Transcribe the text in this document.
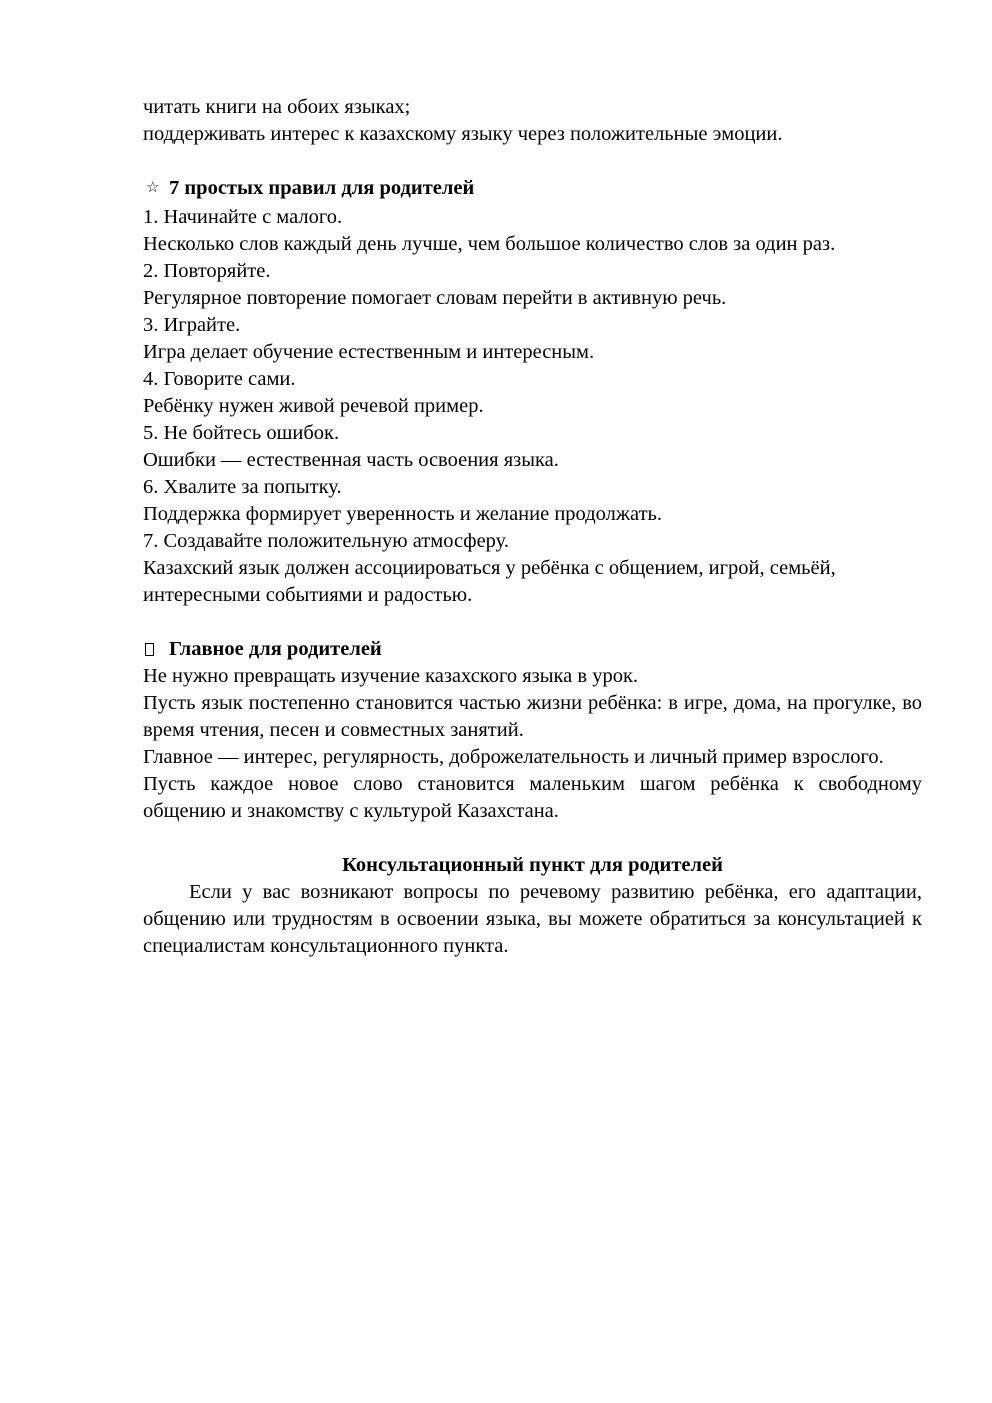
читать книги на обоих языках;
поддерживать интерес к казахскому языку через положительные эмоции.
☆ 7 простых правил для родителей
1. Начинайте с малого.
Несколько слов каждый день лучше, чем большое количество слов за один раз.
2. Повторяйте.
Регулярное повторение помогает словам перейти в активную речь.
3. Играйте.
Игра делает обучение естественным и интересным.
4. Говорите сами.
Ребёнку нужен живой речевой пример.
5. Не бойтесь ошибок.
Ошибки — естественная часть освоения языка.
6. Хвалите за попытку.
Поддержка формирует уверенность и желание продолжать.
7. Создавайте положительную атмосферу.
Казахский язык должен ассоциироваться у ребёнка с общением, игрой, семьёй, интересными событиями и радостью.
Главное для родителей
Не нужно превращать изучение казахского языка в урок.
Пусть язык постепенно становится частью жизни ребёнка: в игре, дома, на прогулке, во время чтения, песен и совместных занятий.
Главное — интерес, регулярность, доброжелательность и личный пример взрослого.
Пусть каждое новое слово становится маленьким шагом ребёнка к свободному общению и знакомству с культурой Казахстана.
Консультационный пункт для родителей
Если у вас возникают вопросы по речевому развитию ребёнка, его адаптации, общению или трудностям в освоении языка, вы можете обратиться за консультацией к специалистам консультационного пункта.
